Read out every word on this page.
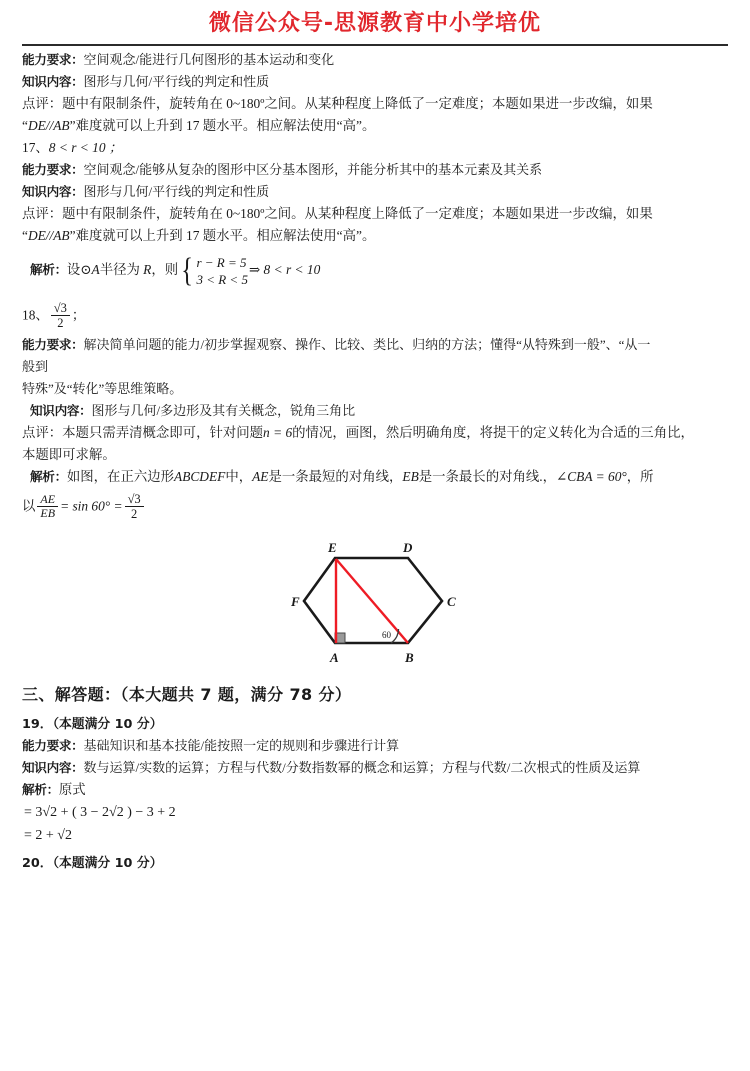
微信公众号-思源教育中小学培优
能力要求：空间观念/能进行几何图形的基本运动和变化
知识内容：图形与几何/平行线的判定和性质
点评：题中有限制条件，旋转角在 0~180º之间。从某种程度上降低了一定难度；本题如果进一步改编，如果
“DE//AB”难度就可以上升到 17 题水平。相应解法使用“高”。
17、8 < r < 10 ；
能力要求：空间观念/能够从复杂的图形中区分基本图形，并能分析其中的基本元素及其关系
知识内容：图形与几何/平行线的判定和性质
点评：题中有限制条件，旋转角在 0~180º之间。从某种程度上降低了一定难度；本题如果进一步改编，如果
“DE//AB”难度就可以上升到 17 题水平。相应解法使用“高”。
解析：设⊙A半径为 R，则 { r − R = 5
3 < R < 5
⇒ 8 < r < 10
18、 $\frac{√3}{2}$ ；
能力要求：解决简单问题的能力/初步掌握观察、操作、比较、类比、归纳的方法；懂得“从特殊到一般”、“从一
般到
特殊”及“转化”等思维策略。
知识内容：图形与几何/多边形及其有关概念，锐角三角比
点评：本题只需弄清概念即可，针对问题n = 6的情况，画图，然后明确角度，将提干的定义转化为合适的三角比，
本题即可求解。
解析：如图，在正六边形ABCDEF中，AE是一条最短的对角线，EB是一条最长的对角线.，∠CBA = 60°，所
以 $\frac{AE}{EB} = \sin 60^\circ = \frac{√3}{2}$
60
E	D
C
B
A
F
三、解答题：（本大题共 7 题，满分 78 分）
19．（本题满分 10 分）
能力要求：基础知识和基本技能/能按照一定的规则和步骤进行计算
知识内容：数与运算/实数的运算；方程与代数/分数指数幂的概念和运算；方程与代数/二次根式的性质及运算
解析：原式
= 3√2 + ( 3 − 2√2 ) − 3 + 2
= 2 + √2
20．（本题满分 10 分）
